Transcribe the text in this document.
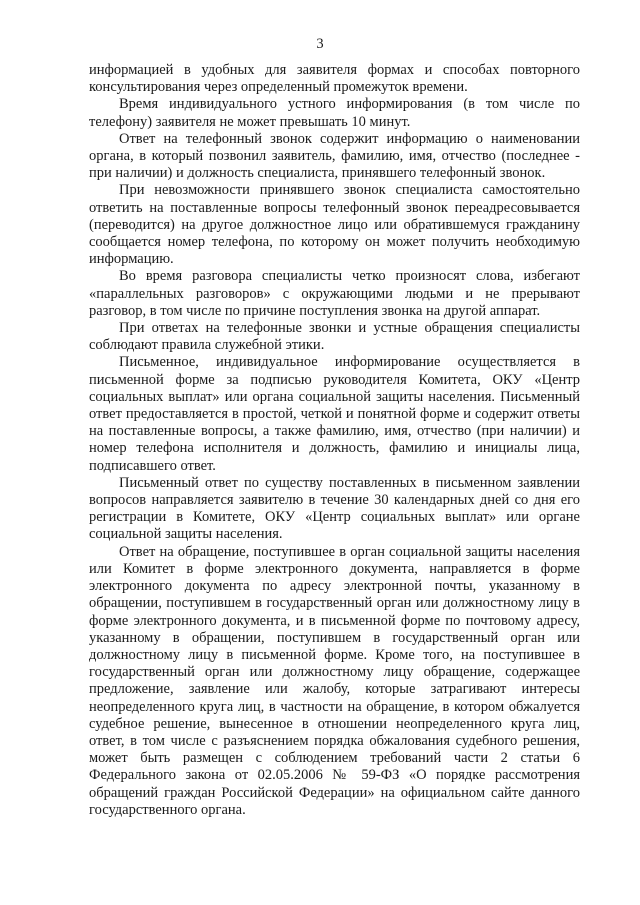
3

информацией в удобных для заявителя формах и способах повторного консультирования через определенный промежуток времени.

Время индивидуального устного информирования (в том числе по телефону) заявителя не может превышать 10 минут.

Ответ на телефонный звонок содержит информацию о наименовании органа, в который позвонил заявитель, фамилию, имя, отчество (последнее - при наличии) и должность специалиста, принявшего телефонный звонок.

При невозможности принявшего звонок специалиста самостоятельно ответить на поставленные вопросы телефонный звонок переадресовывается (переводится) на другое должностное лицо или обратившемуся гражданину сообщается номер телефона, по которому он может получить необходимую информацию.

Во время разговора специалисты четко произносят слова, избегают «параллельных разговоров» с окружающими людьми и не прерывают разговор, в том числе по причине поступления звонка на другой аппарат.

При ответах на телефонные звонки и устные обращения специалисты соблюдают правила служебной этики.

Письменное, индивидуальное информирование осуществляется в письменной форме за подписью руководителя Комитета, ОКУ «Центр социальных выплат» или органа социальной защиты населения. Письменный ответ предоставляется в простой, четкой и понятной форме и содержит ответы на поставленные вопросы, а также фамилию, имя, отчество (при наличии) и номер телефона исполнителя и должность, фамилию и инициалы лица, подписавшего ответ.

Письменный ответ по существу поставленных в письменном заявлении вопросов направляется заявителю в течение 30 календарных дней со дня его регистрации в Комитете, ОКУ «Центр социальных выплат» или органе социальной защиты населения.

Ответ на обращение, поступившее в орган социальной защиты населения или Комитет в форме электронного документа, направляется в форме электронного документа по адресу электронной почты, указанному в обращении, поступившем в государственный орган или должностному лицу в форме электронного документа, и в письменной форме по почтовому адресу, указанному в обращении, поступившем в государственный орган или должностному лицу в письменной форме. Кроме того, на поступившее в государственный орган или должностному лицу обращение, содержащее предложение, заявление или жалобу, которые затрагивают интересы неопределенного круга лиц, в частности на обращение, в котором обжалуется судебное решение, вынесенное в отношении неопределенного круга лиц, ответ, в том числе с разъяснением порядка обжалования судебного решения, может быть размещен с соблюдением требований части 2 статьи 6 Федерального закона от 02.05.2006 № 59-ФЗ «О порядке рассмотрения обращений граждан Российской Федерации» на официальном сайте данного государственного органа.
